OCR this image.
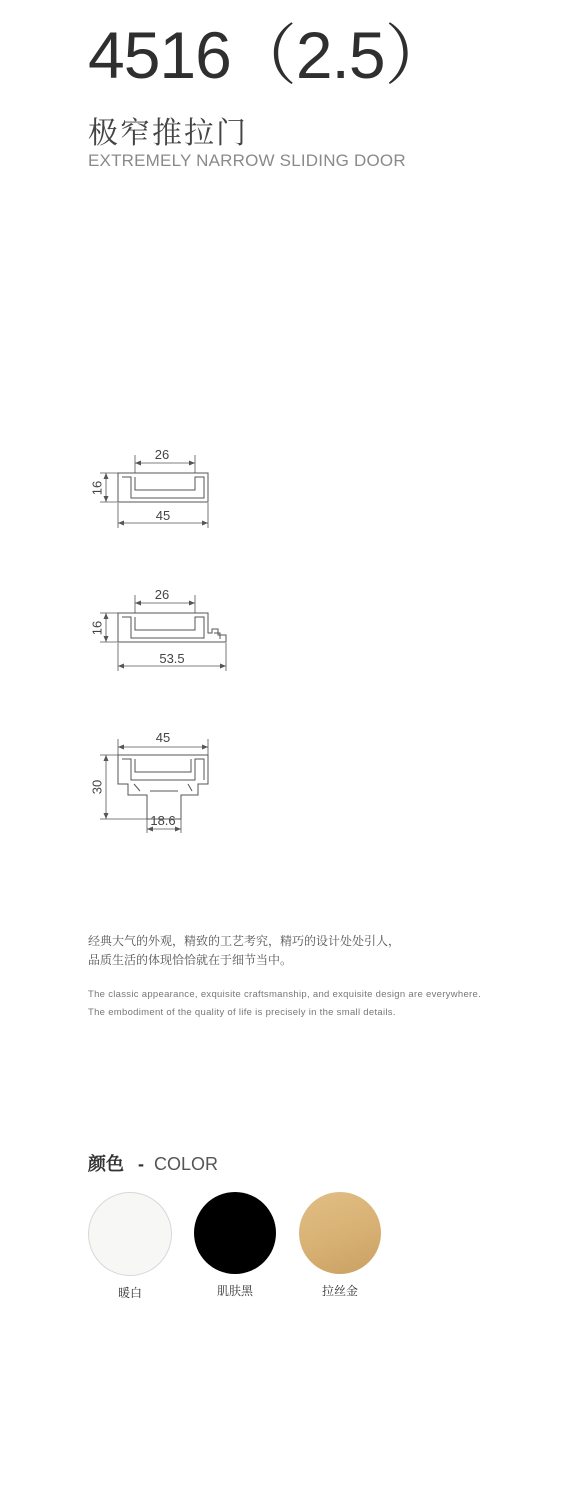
4516（2.5）
极窄推拉门
EXTREMELY NARROW SLIDING DOOR
26
45
16
26
53.5
16
45
18.6
30
经典大气的外观，精致的工艺考究，精巧的设计处处引人，
品质生活的体现恰恰就在于细节当中。
The classic appearance, exquisite craftsmanship, and exquisite design are everywhere. The embodiment of the quality of life is precisely in the small details.
颜色 - COLOR
暖白	肌肤黑	拉丝金
